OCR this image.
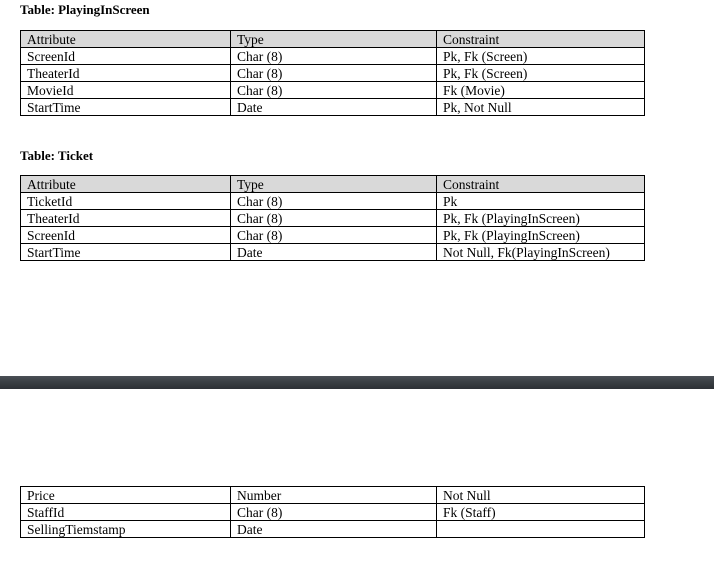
Table: PlayingInScreen
Attribute	Type	Constraint
ScreenId	Char (8)	Pk, Fk (Screen)
TheaterId	Char (8)	Pk, Fk (Screen)
MovieId	Char (8)	Fk (Movie)
StartTime	Date	Pk, Not Null
Table: Ticket
Attribute	Type	Constraint
TicketId	Char (8)	Pk
TheaterId	Char (8)	Pk, Fk (PlayingInScreen)
ScreenId	Char (8)	Pk, Fk (PlayingInScreen)
StartTime	Date	Not Null, Fk(PlayingInScreen)
Price	Number	Not Null
StaffId	Char (8)	Fk (Staff)
SellingTiemstamp	Date	
